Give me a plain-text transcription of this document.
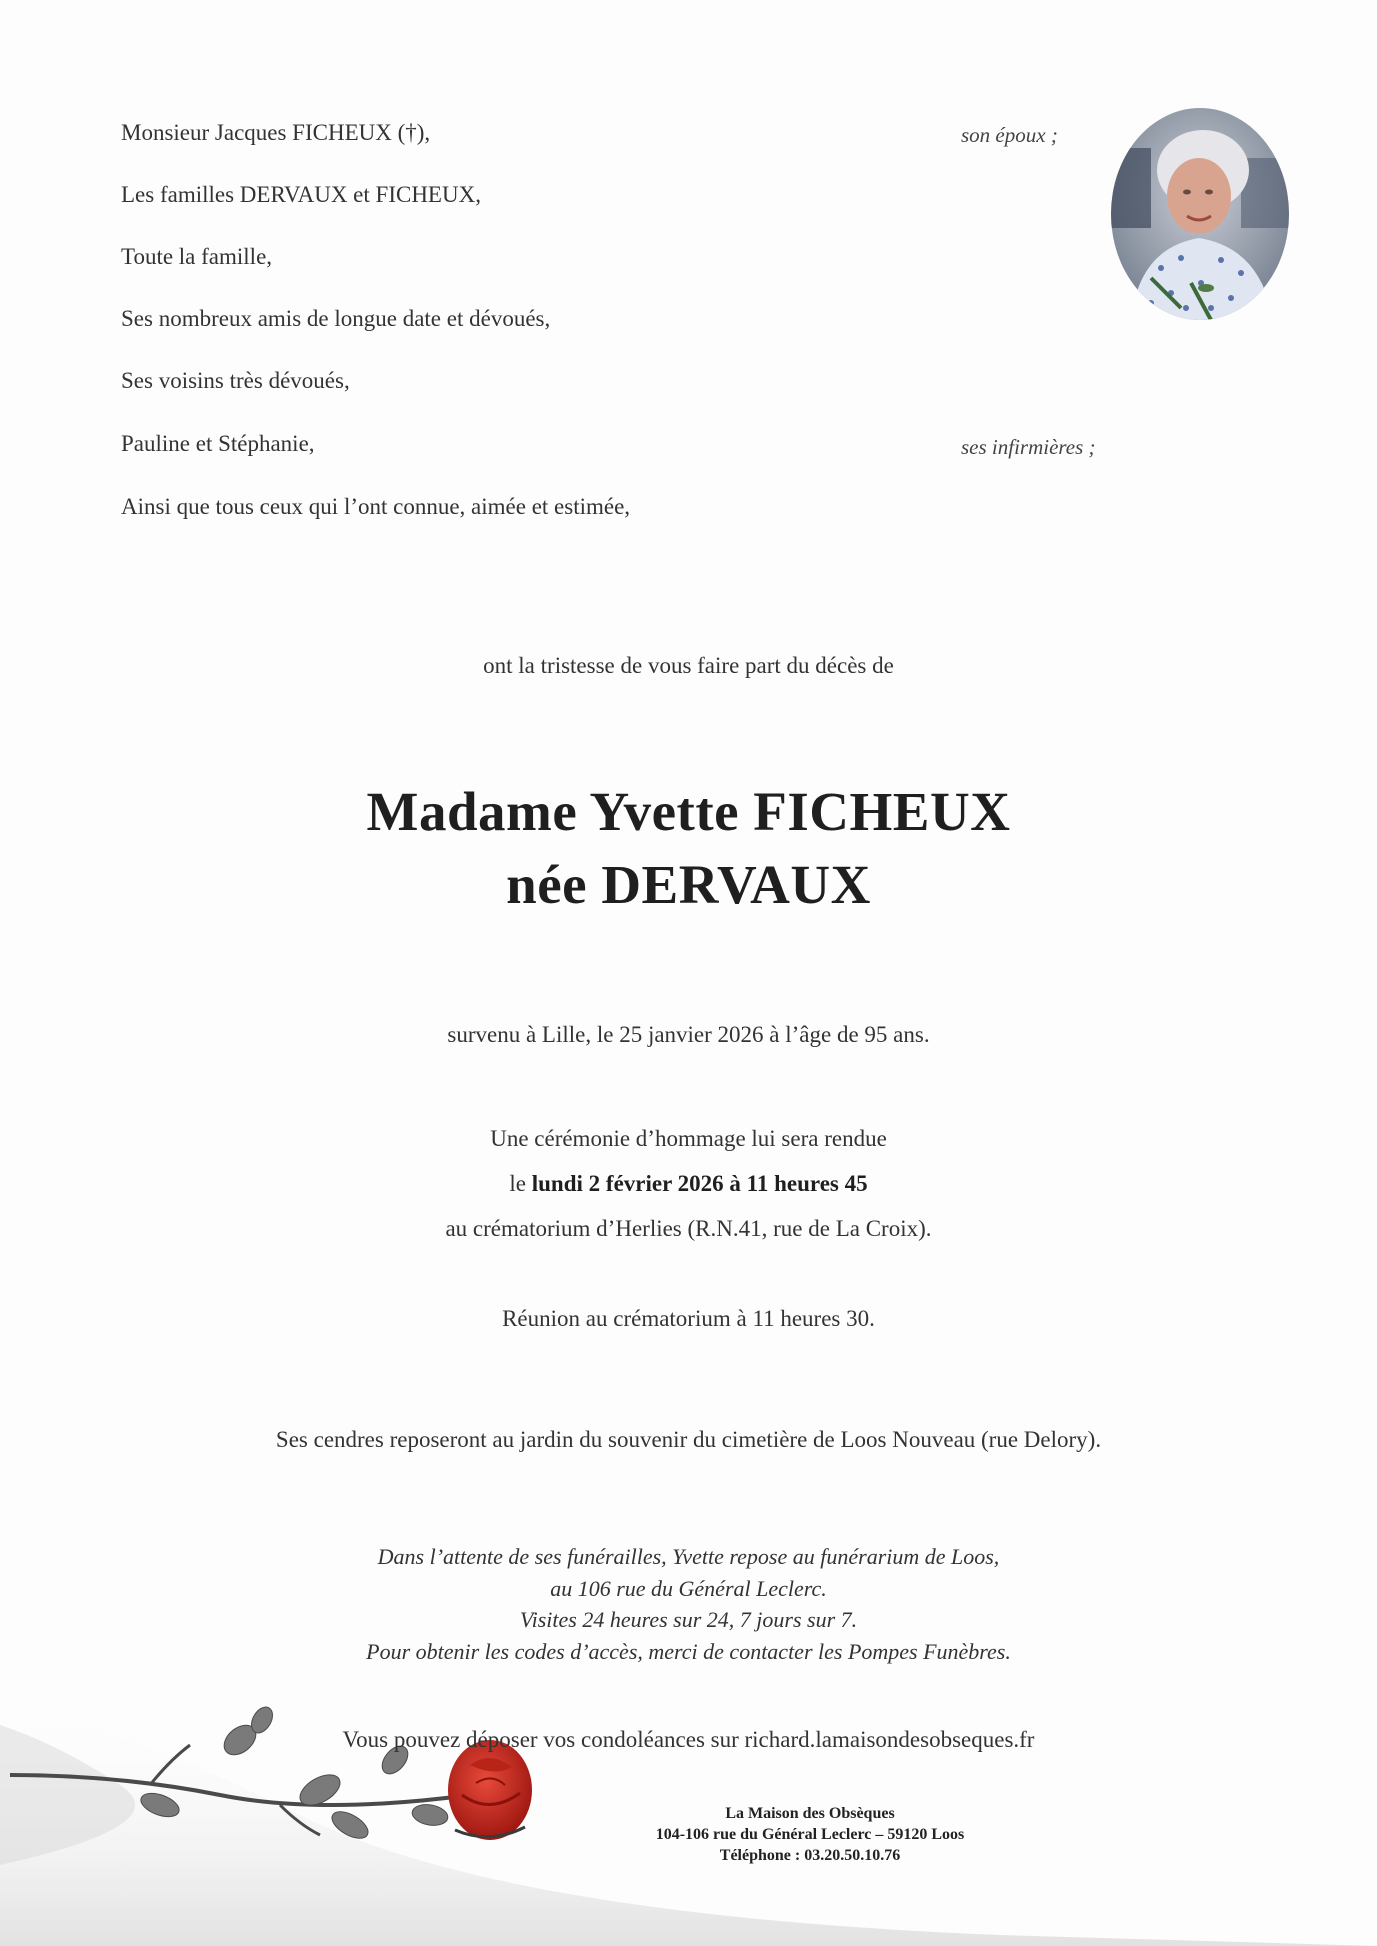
Monsieur Jacques FICHEUX (†),
Les familles DERVAUX et FICHEUX,
Toute la famille,
Ses nombreux amis de longue date et dévoués,
Ses voisins très dévoués,
Pauline et Stéphanie,
Ainsi que tous ceux qui l’ont connue, aimée et estimée,
son époux ;
ses infirmières ;
ont la tristesse de vous faire part du décès de
Madame Yvette FICHEUX
née DERVAUX
survenu à Lille, le 25 janvier 2026 à l’âge de 95 ans.
Une cérémonie d’hommage lui sera rendue
le lundi 2 février 2026 à 11 heures 45
au crématorium d’Herlies (R.N.41, rue de La Croix).
Réunion au crématorium à 11 heures 30.
Ses cendres reposeront au jardin du souvenir du cimetière de Loos Nouveau (rue Delory).
Dans l’attente de ses funérailles, Yvette repose au funérarium de Loos,
au 106 rue du Général Leclerc.
Visites 24 heures sur 24, 7 jours sur 7.
Pour obtenir les codes d’accès, merci de contacter les Pompes Funèbres.
Vous pouvez déposer vos condoléances sur richard.lamaisondesobseques.fr
La Maison des Obsèques
104-106 rue du Général Leclerc – 59120 Loos
Téléphone : 03.20.50.10.76
